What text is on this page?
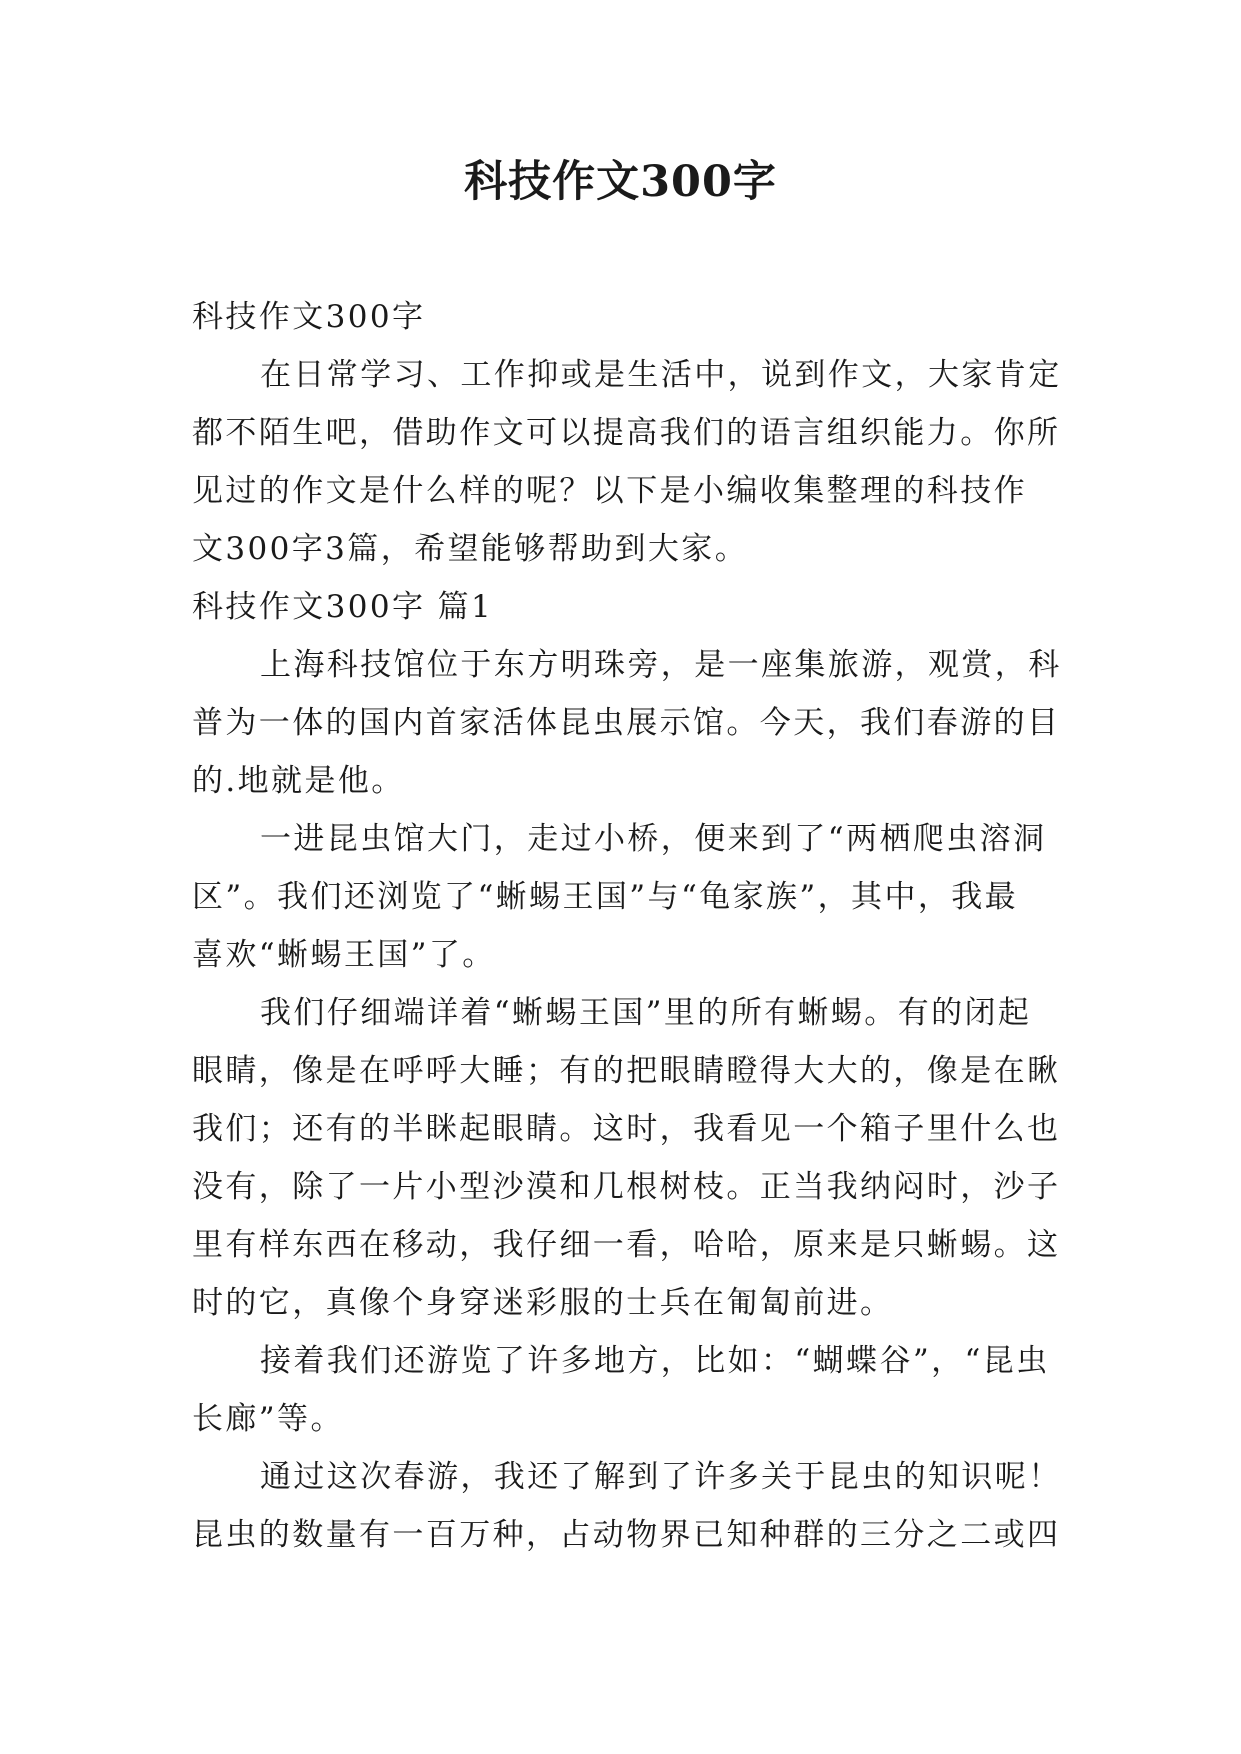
科技作文300字
科技作文300字
在日常学习、工作抑或是生活中，说到作文，大家肯定
都不陌生吧，借助作文可以提高我们的语言组织能力。你所
见过的作文是什么样的呢？以下是小编收集整理的科技作
文300字3篇，希望能够帮助到大家。
科技作文300字 篇1
上海科技馆位于东方明珠旁，是一座集旅游，观赏，科
普为一体的国内首家活体昆虫展示馆。今天，我们春游的目
的.地就是他。
一进昆虫馆大门，走过小桥，便来到了“两栖爬虫溶洞
区”。我们还浏览了“蜥蜴王国”与“龟家族”，其中，我最
喜欢“蜥蜴王国”了。
我们仔细端详着“蜥蜴王国”里的所有蜥蜴。有的闭起
眼睛，像是在呼呼大睡；有的把眼睛瞪得大大的，像是在瞅
我们；还有的半眯起眼睛。这时，我看见一个箱子里什么也
没有，除了一片小型沙漠和几根树枝。正当我纳闷时，沙子
里有样东西在移动，我仔细一看，哈哈，原来是只蜥蜴。这
时的它，真像个身穿迷彩服的士兵在匍匐前进。
接着我们还游览了许多地方，比如：“蝴蝶谷”，“昆虫
长廊”等。
通过这次春游，我还了解到了许多关于昆虫的知识呢！
昆虫的数量有一百万种，占动物界已知种群的三分之二或四
